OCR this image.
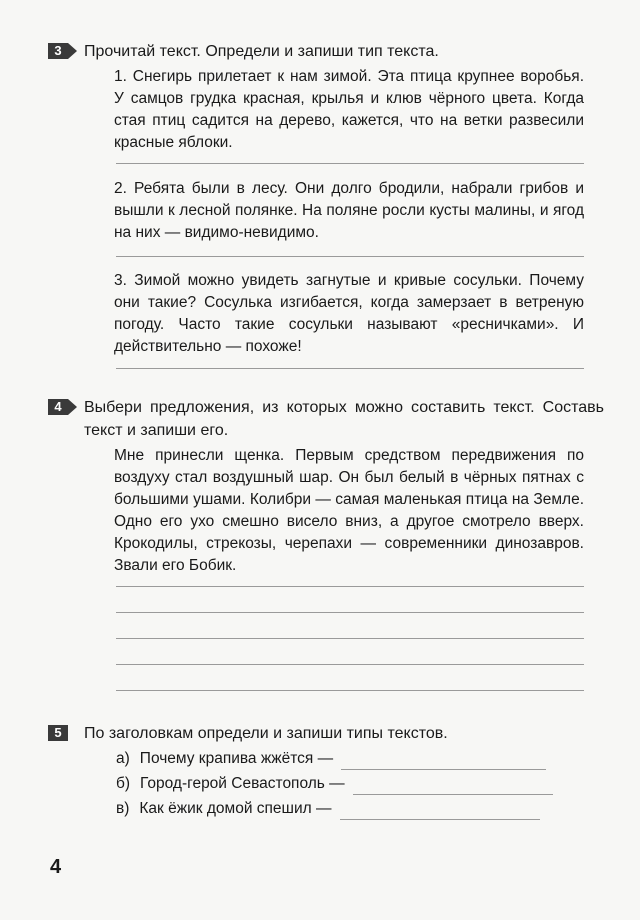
3	Прочитай текст. Определи и запиши тип текста.
1. Снегирь прилетает к нам зимой. Эта птица крупнее воробья. У самцов грудка красная, крылья и клюв чёрного цвета. Когда стая птиц садится на дерево, кажется, что на ветки развесили красные яблоки.
2. Ребята были в лесу. Они долго бродили, набрали грибов и вышли к лесной полянке. На поляне росли кусты малины, и ягод на них — видимо-невидимо.
3. Зимой можно увидеть загнутые и кривые сосульки. Почему они такие? Сосулька изгибается, когда замерзает в ветреную погоду. Часто такие сосульки называют «ресничками». И действительно — похоже!
4	Выбери предложения, из которых можно составить текст. Составь текст и запиши его.
Мне принесли щенка. Первым средством передвижения по воздуху стал воздушный шар. Он был белый в чёрных пятнах с большими ушами. Колибри — самая маленькая птица на Земле. Одно его ухо смешно висело вниз, а другое смотрело вверх. Крокодилы, стрекозы, черепахи — современники динозавров. Звали его Бобик.
5	По заголовкам определи и запиши типы текстов.
а) Почему крапива жжётся —
б) Город-герой Севастополь —
в) Как ёжик домой спешил —
4
